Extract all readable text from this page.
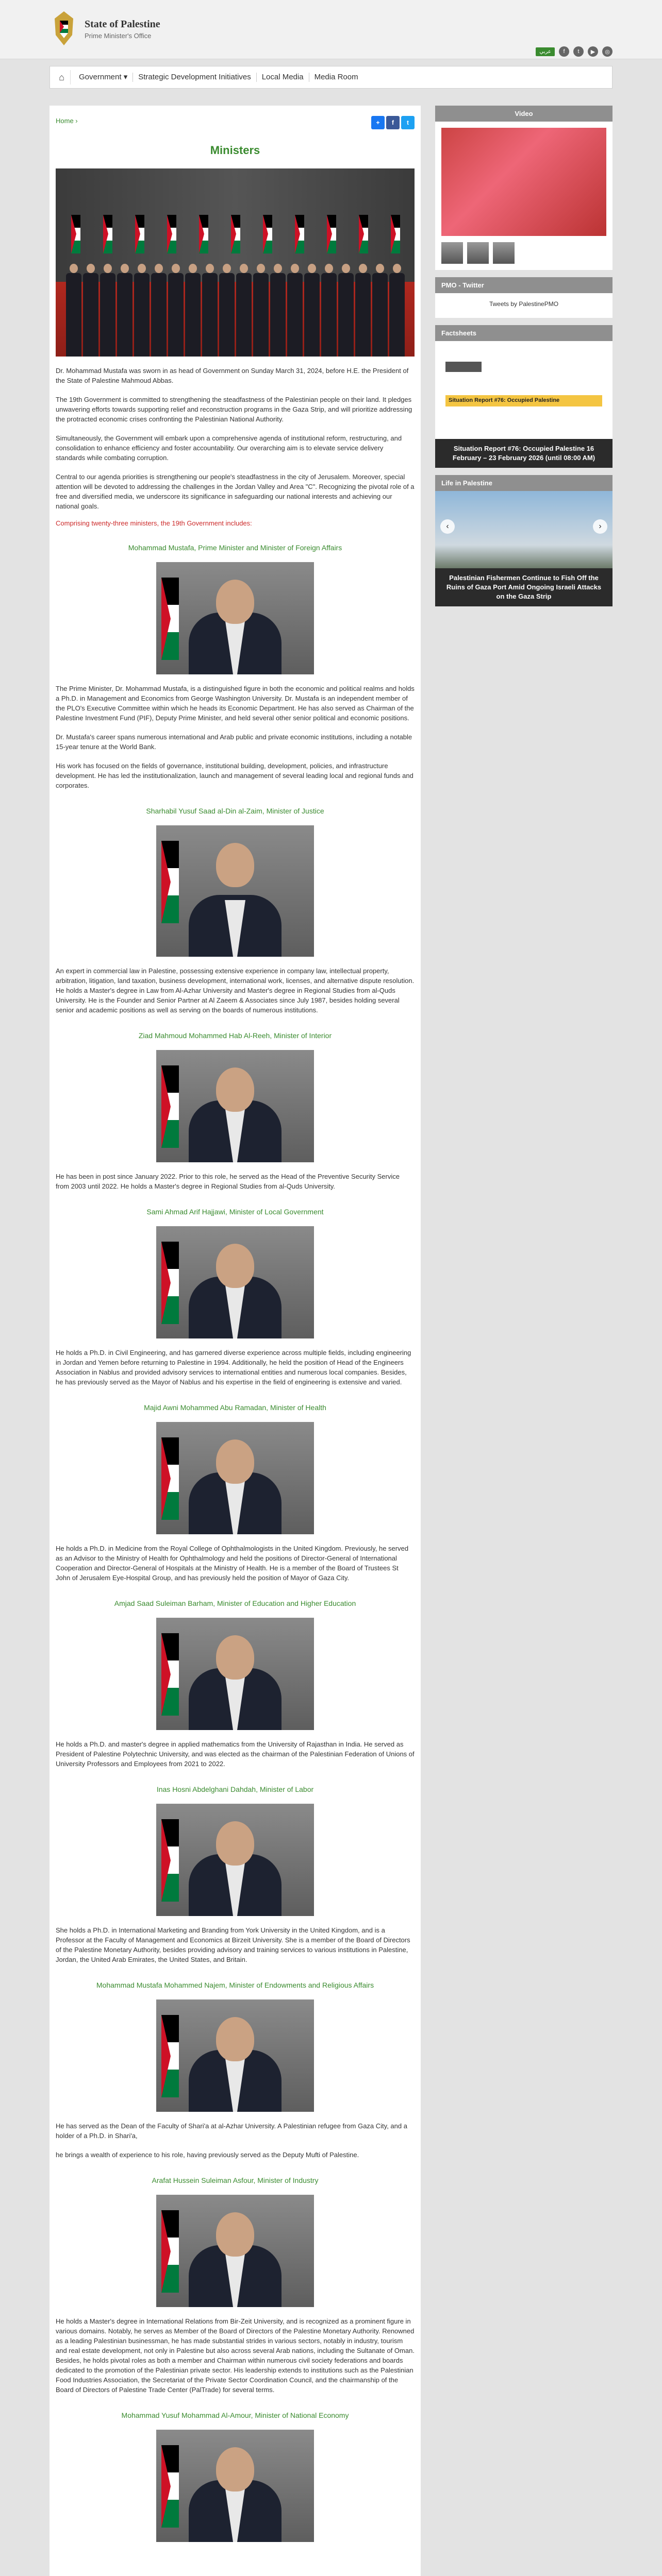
State of Palestine
Prime Minister's Office
عربي	f	t	▶	◎
⌂	Government ▾	Strategic Development Initiatives	Local Media	Media Room
Home ›	+	f	t
Ministers

Dr. Mohammad Mustafa was sworn in as head of Government on Sunday March 31, 2024, before H.E. the President of the State of Palestine Mahmoud Abbas.

The 19th Government is committed to strengthening the steadfastness of the Palestinian people on their land. It pledges unwavering efforts towards supporting relief and reconstruction programs in the Gaza Strip, and will prioritize addressing the protracted economic crises confronting the Palestinian National Authority.

Simultaneously, the Government will embark upon a comprehensive agenda of institutional reform, restructuring, and consolidation to enhance efficiency and foster accountability. Our overarching aim is to elevate service delivery standards while combating corruption.

Central to our agenda priorities is strengthening our people's steadfastness in the city of Jerusalem. Moreover, special attention will be devoted to addressing the challenges in the Jordan Valley and Area "C". Recognizing the pivotal role of a free and diversified media, we underscore its significance in safeguarding our national interests and achieving our national goals.

Comprising twenty-three ministers, the 19th Government includes:
Mohammad Mustafa, Prime Minister and Minister of Foreign Affairs

The Prime Minister, Dr. Mohammad Mustafa, is a distinguished figure in both the economic and political realms and holds a Ph.D. in Management and Economics from George Washington University. Dr. Mustafa is an independent member of the PLO's Executive Committee within which he heads its Economic Department. He has also served as Chairman of the Palestine Investment Fund (PIF), Deputy Prime Minister, and held several other senior political and economic positions.

Dr. Mustafa's career spans numerous international and Arab public and private economic institutions, including a notable 15-year tenure at the World Bank.

His work has focused on the fields of governance, institutional building, development, policies, and infrastructure development. He has led the institutionalization, launch and management of several leading local and regional funds and corporates.

Sharhabil Yusuf Saad al-Din al-Zaim, Minister of Justice

An expert in commercial law in Palestine, possessing extensive experience in company law, intellectual property, arbitration, litigation, land taxation, business development, international work, licenses, and alternative dispute resolution. He holds a Master's degree in Law from Al-Azhar University and Master's degree in Regional Studies from al-Quds University. He is the Founder and Senior Partner at Al Zaeem & Associates since July 1987, besides holding several senior and academic positions as well as serving on the boards of numerous institutions.

Ziad Mahmoud Mohammed Hab Al-Reeh, Minister of Interior

He has been in post since January 2022. Prior to this role, he served as the Head of the Preventive Security Service from 2003 until 2022. He holds a Master's degree in Regional Studies from al-Quds University.

Sami Ahmad Arif Hajjawi, Minister of Local Government

He holds a Ph.D. in Civil Engineering, and has garnered diverse experience across multiple fields, including engineering in Jordan and Yemen before returning to Palestine in 1994. Additionally, he held the position of Head of the Engineers Association in Nablus and provided advisory services to international entities and numerous local companies. Besides, he has previously served as the Mayor of Nablus and his expertise in the field of engineering is extensive and varied.

Majid Awni Mohammed Abu Ramadan, Minister of Health

He holds a Ph.D. in Medicine from the Royal College of Ophthalmologists in the United Kingdom. Previously, he served as an Advisor to the Ministry of Health for Ophthalmology and held the positions of Director-General of International Cooperation and Director-General of Hospitals at the Ministry of Health. He is a member of the Board of Trustees St John of Jerusalem Eye-Hospital Group, and has previously held the position of Mayor of Gaza City.

Amjad Saad Suleiman Barham, Minister of Education and Higher Education

He holds a Ph.D. and master's degree in applied mathematics from the University of Rajasthan in India. He served as President of Palestine Polytechnic University, and was elected as the chairman of the Palestinian Federation of Unions of University Professors and Employees from 2021 to 2022.

Inas Hosni Abdelghani Dahdah, Minister of Labor

She holds a Ph.D. in International Marketing and Branding from York University in the United Kingdom, and is a Professor at the Faculty of Management and Economics at Birzeit University. She is a member of the Board of Directors of the Palestine Monetary Authority, besides providing advisory and training services to various institutions in Palestine, Jordan, the United Arab Emirates, the United States, and Britain.

Mohammad Mustafa Mohammed Najem, Minister of Endowments and Religious Affairs

He has served as the Dean of the Faculty of Shari'a at al-Azhar University. A Palestinian refugee from Gaza City, and a holder of a Ph.D. in Shari'a,

he brings a wealth of experience to his role, having previously served as the Deputy Mufti of Palestine.

Arafat Hussein Suleiman Asfour, Minister of Industry

He holds a Master's degree in International Relations from Bir-Zeit University, and is recognized as a prominent figure in various domains. Notably, he serves as Member of the Board of Directors of the Palestine Monetary Authority. Renowned as a leading Palestinian businessman, he has made substantial strides in various sectors, notably in industry, tourism and real estate development, not only in Palestine but also across several Arab nations, including the Sultanate of Oman. Besides, he holds pivotal roles as both a member and Chairman within numerous civil society federations and boards dedicated to the promotion of the Palestinian private sector. His leadership extends to institutions such as the Palestinian Food Industries Association, the Secretariat of the Private Sector Coordination Council, and the chairmanship of the Board of Directors of Palestine Trade Center (PalTrade) for several terms.

Mohammad Yusuf Mohammad Al-Amour, Minister of National Economy
Video
PMO - Twitter
Tweets by PalestinePMO
Factsheets
Situation Report #76: Occupied Palestine
Situation Report #76: Occupied Palestine 16 February – 23 February 2026 (until 08:00 AM)
Life in Palestine
‹	›
Palestinian Fishermen Continue to Fish Off the Ruins of Gaza Port Amid Ongoing Israeli Attacks on the Gaza Strip
